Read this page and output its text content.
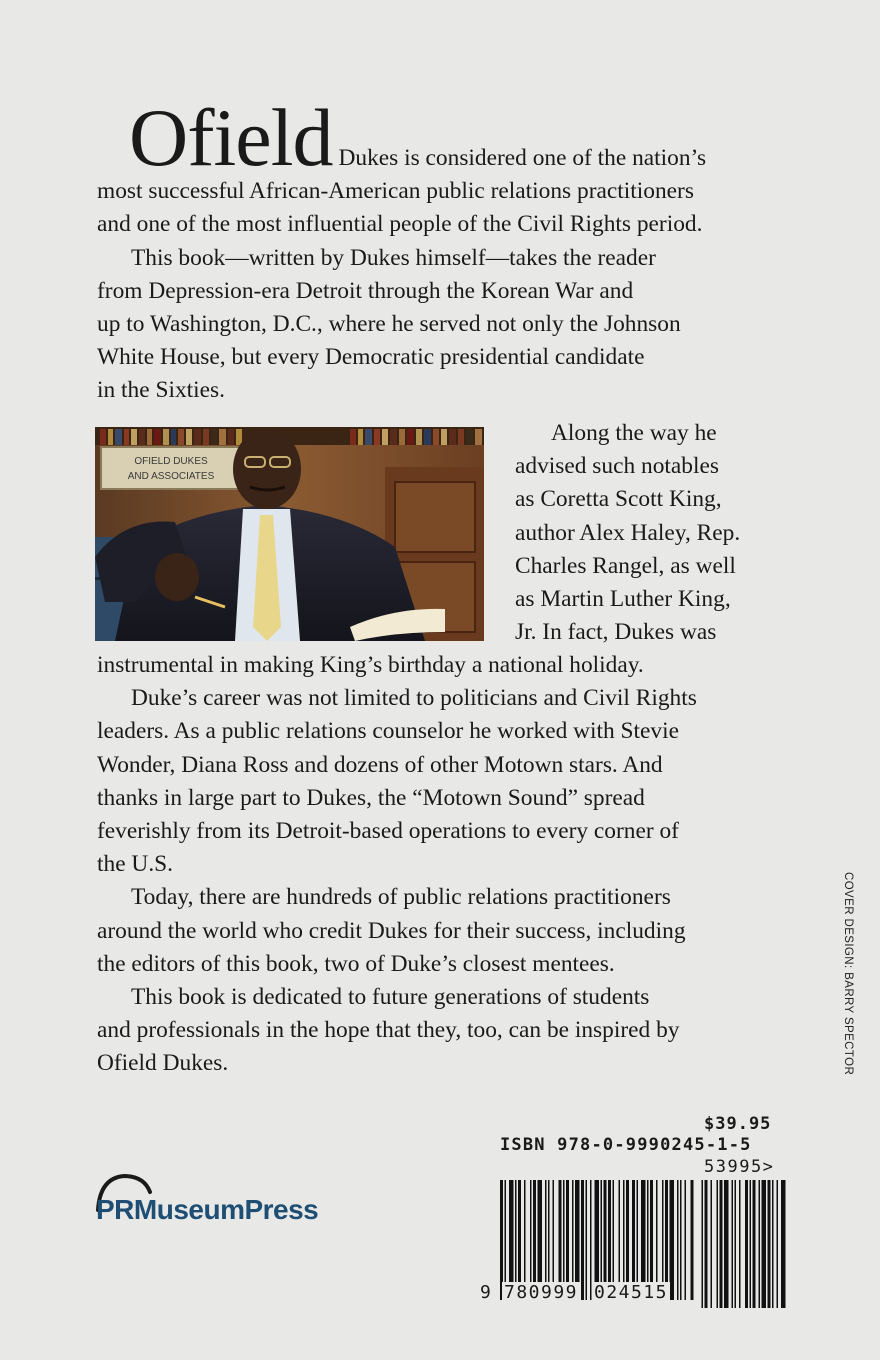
Ofield Dukes is considered one of the nation’s
most successful African-American public relations practitioners
and one of the most influential people of the Civil Rights period.

This book—written by Dukes himself—takes the reader
from Depression-era Detroit through the Korean War and
up to Washington, D.C., where he served not only the Johnson
White House, but every Democratic presidential candidate
in the Sixties.

OFIELD DUKES
AND ASSOCIATES
Along the way he
advised such notables
as Coretta Scott King,
author Alex Haley, Rep.
Charles Rangel, as well
as Martin Luther King,
Jr. In fact, Dukes was

instrumental in making King’s birthday a national holiday.

Duke’s career was not limited to politicians and Civil Rights
leaders. As a public relations counselor he worked with Stevie
Wonder, Diana Ross and dozens of other Motown stars. And
thanks in large part to Dukes, the “Motown Sound” spread
feverishly from its Detroit-based operations to every corner of
the U.S.

Today, there are hundreds of public relations practitioners
around the world who credit Dukes for their success, including
the editors of this book, two of Duke’s closest mentees.

This book is dedicated to future generations of students
and professionals in the hope that they, too, can be inspired by
Ofield Dukes.	COVER DESIGN: BARRY SPECTOR
PRMuseumPress
$39.95
ISBN 978-0-9990245-1-5
53995>
9 780999 024515
